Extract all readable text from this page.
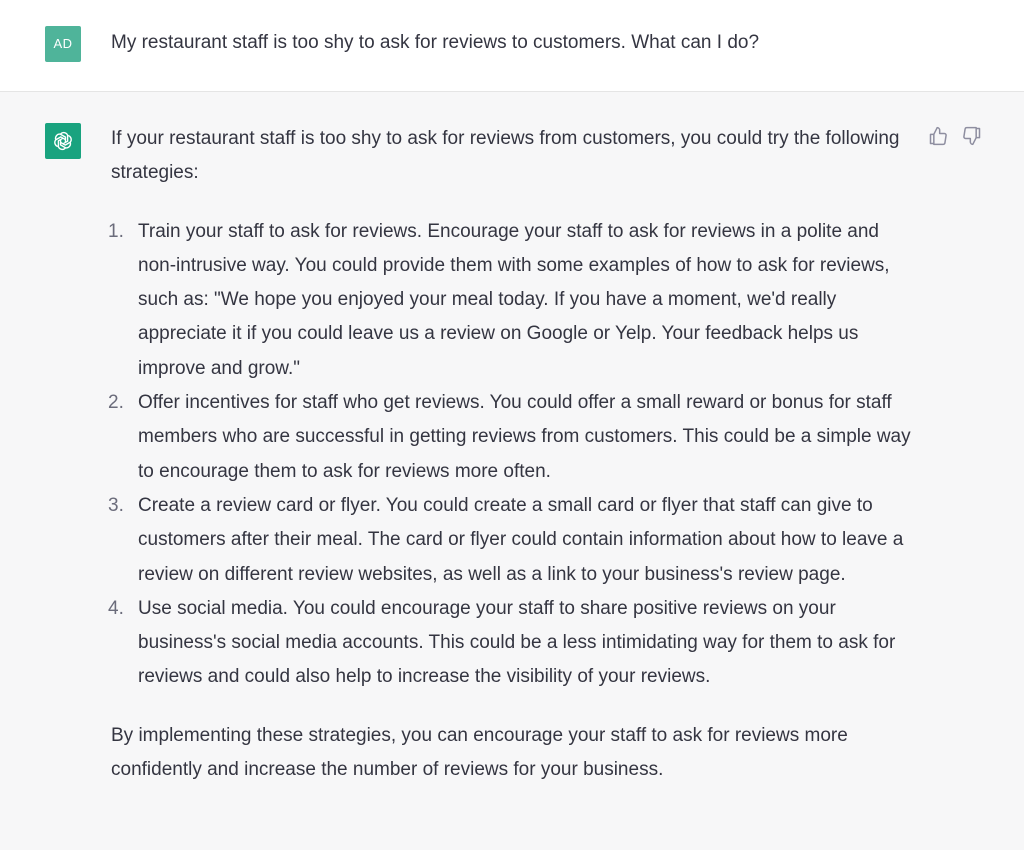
AD	My restaurant staff is too shy to ask for reviews to customers. What can I do?

If your restaurant staff is too shy to ask for reviews from customers, you could try the following strategies:

1. Train your staff to ask for reviews. Encourage your staff to ask for reviews in a polite and non-intrusive way. You could provide them with some examples of how to ask for reviews, such as: "We hope you enjoyed your meal today. If you have a moment, we'd really appreciate it if you could leave us a review on Google or Yelp. Your feedback helps us improve and grow."
2. Offer incentives for staff who get reviews. You could offer a small reward or bonus for staff members who are successful in getting reviews from customers. This could be a simple way to encourage them to ask for reviews more often.
3. Create a review card or flyer. You could create a small card or flyer that staff can give to customers after their meal. The card or flyer could contain information about how to leave a review on different review websites, as well as a link to your business's review page.
4. Use social media. You could encourage your staff to share positive reviews on your business's social media accounts. This could be a less intimidating way for them to ask for reviews and could also help to increase the visibility of your reviews.

By implementing these strategies, you can encourage your staff to ask for reviews more confidently and increase the number of reviews for your business.
